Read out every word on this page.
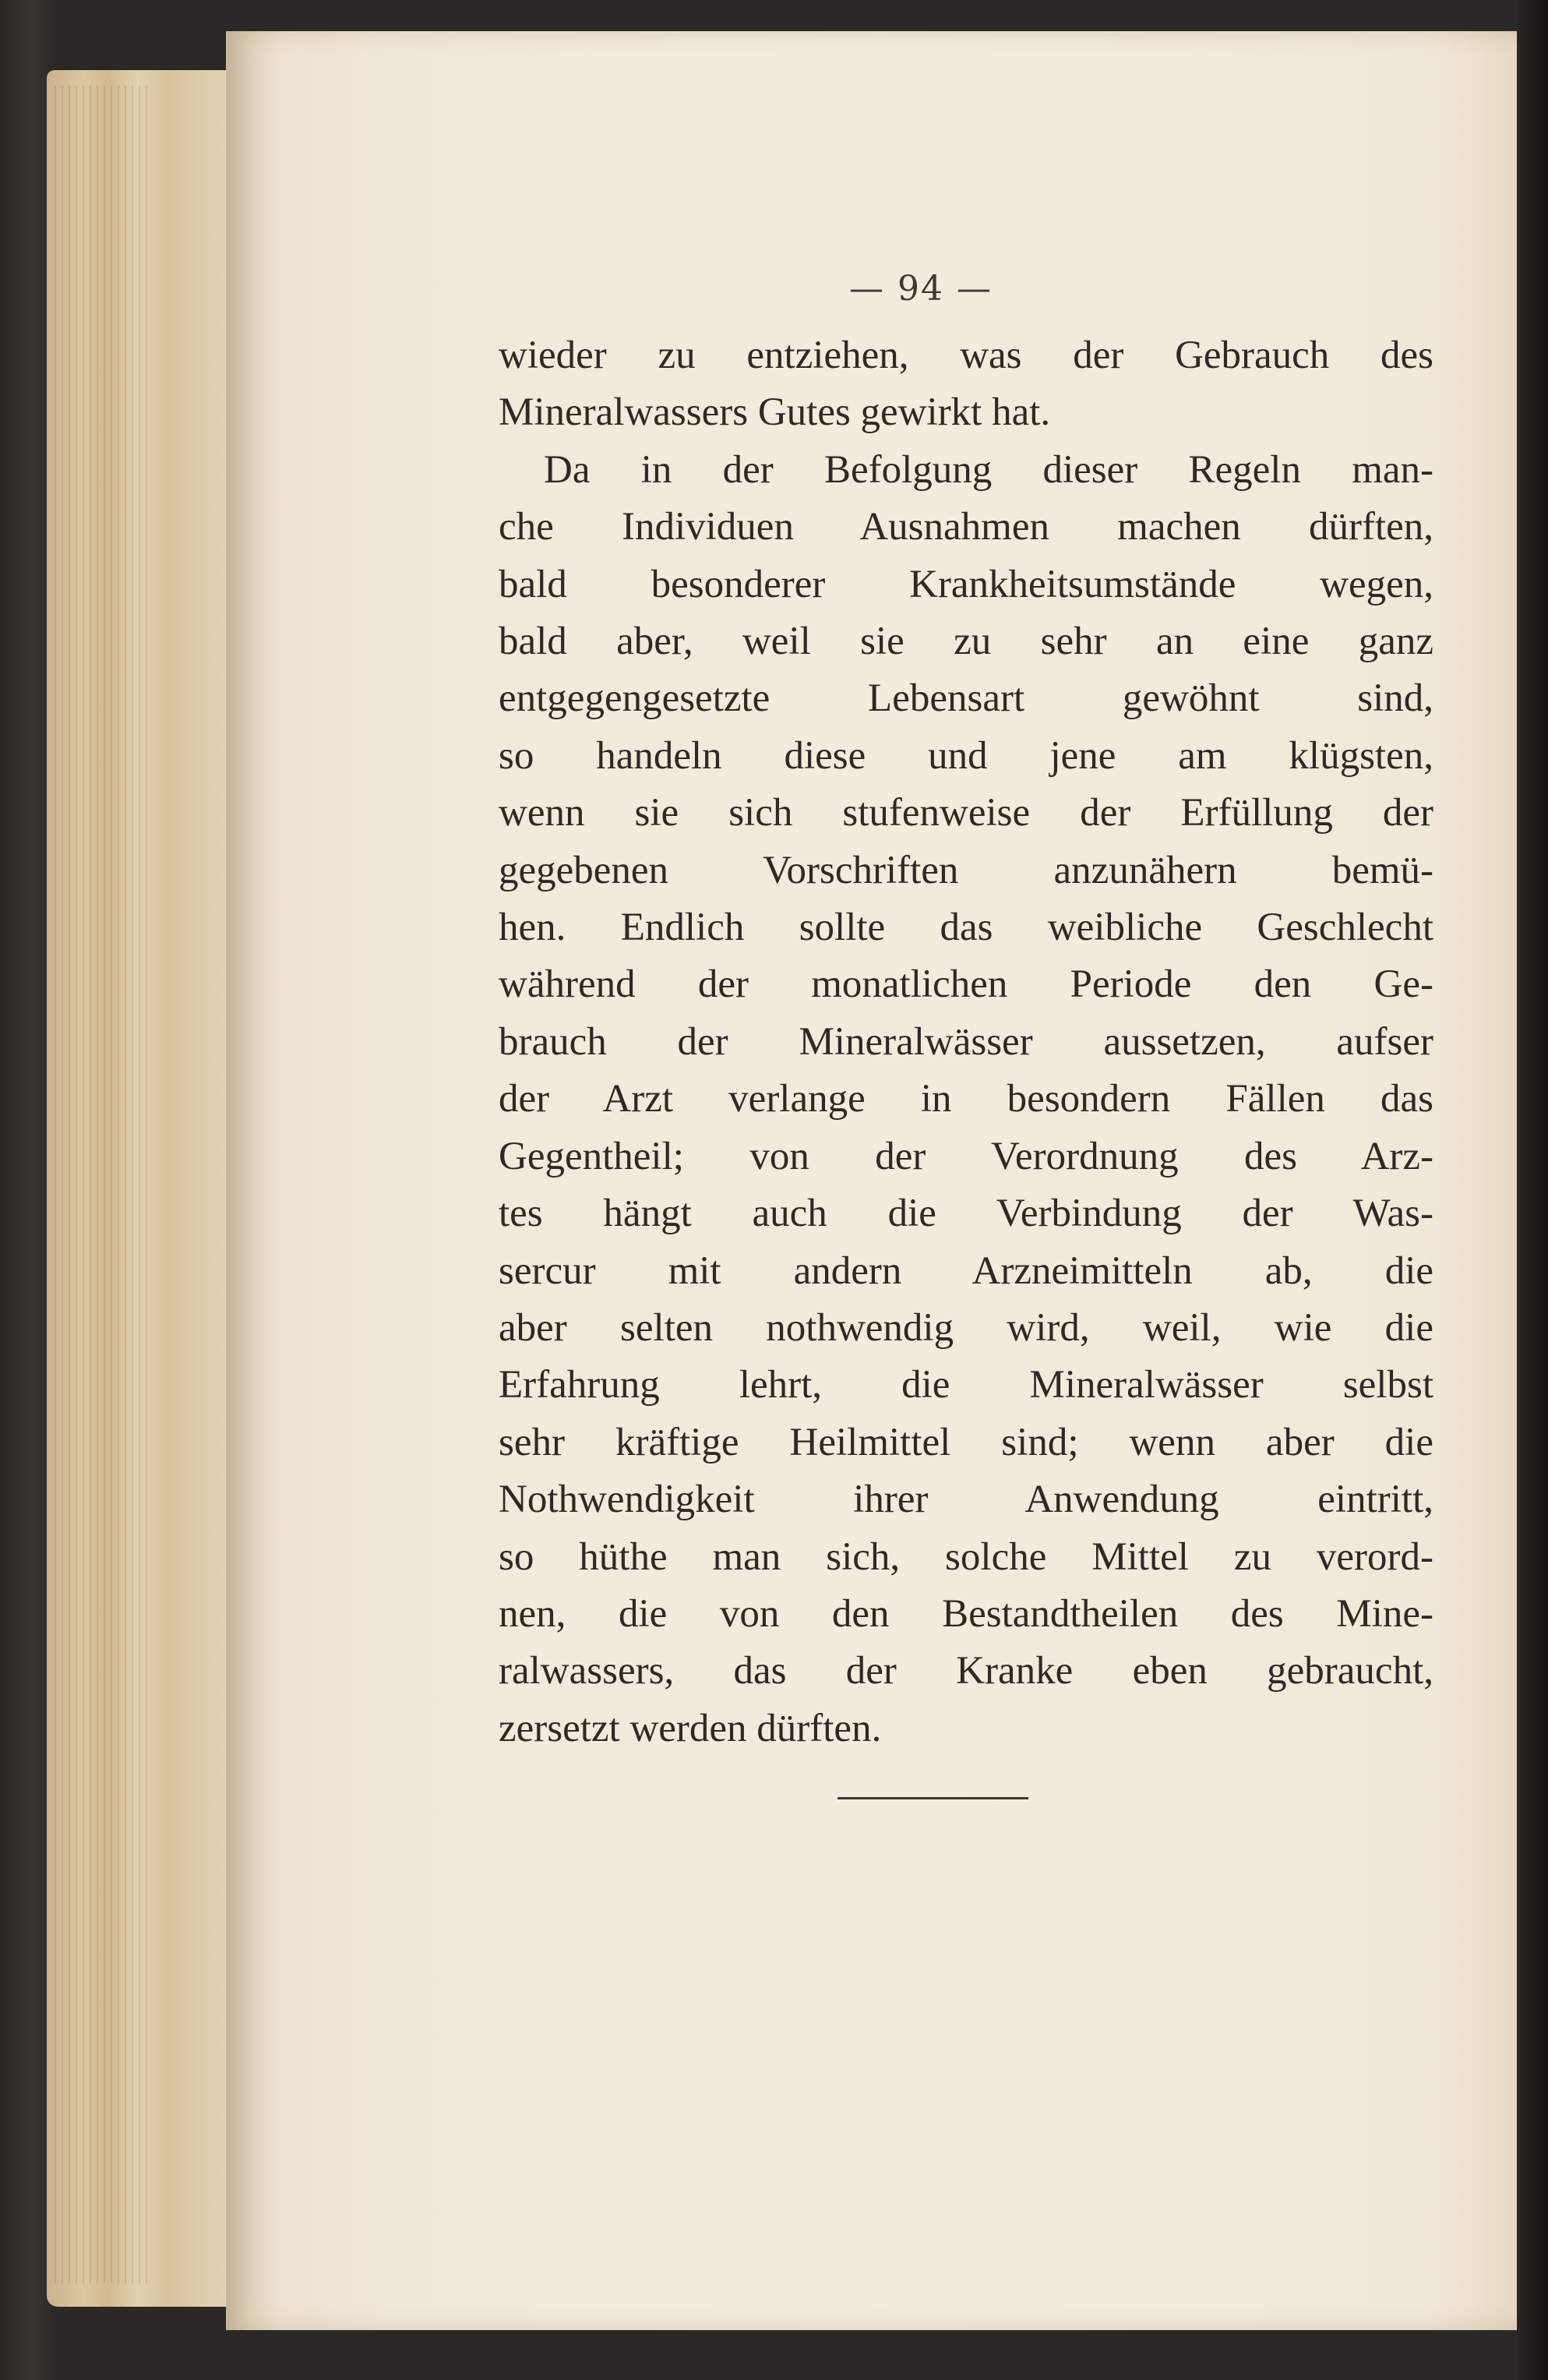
— 94 —
wieder zu entziehen, was der Gebrauch des
Mineralwassers Gutes gewirkt hat.
Da in der Befolgung dieser Regeln man-
che Individuen Ausnahmen machen dürften,
bald besonderer Krankheitsumstände wegen,
bald aber, weil sie zu sehr an eine ganz
entgegengesetzte Lebensart gewöhnt sind,
so handeln diese und jene am klügsten,
wenn sie sich stufenweise der Erfüllung der
gegebenen Vorschriften anzunähern bemü-
hen. Endlich sollte das weibliche Geschlecht
während der monatlichen Periode den Ge-
brauch der Mineralwässer aussetzen, aufser
der Arzt verlange in besondern Fällen das
Gegentheil; von der Verordnung des Arz-
tes hängt auch die Verbindung der Was-
sercur mit andern Arzneimitteln ab, die
aber selten nothwendig wird, weil, wie die
Erfahrung lehrt, die Mineralwässer selbst
sehr kräftige Heilmittel sind; wenn aber die
Nothwendigkeit ihrer Anwendung eintritt,
so hüthe man sich, solche Mittel zu verord-
nen, die von den Bestandtheilen des Mine-
ralwassers, das der Kranke eben gebraucht,
zersetzt werden dürften.
